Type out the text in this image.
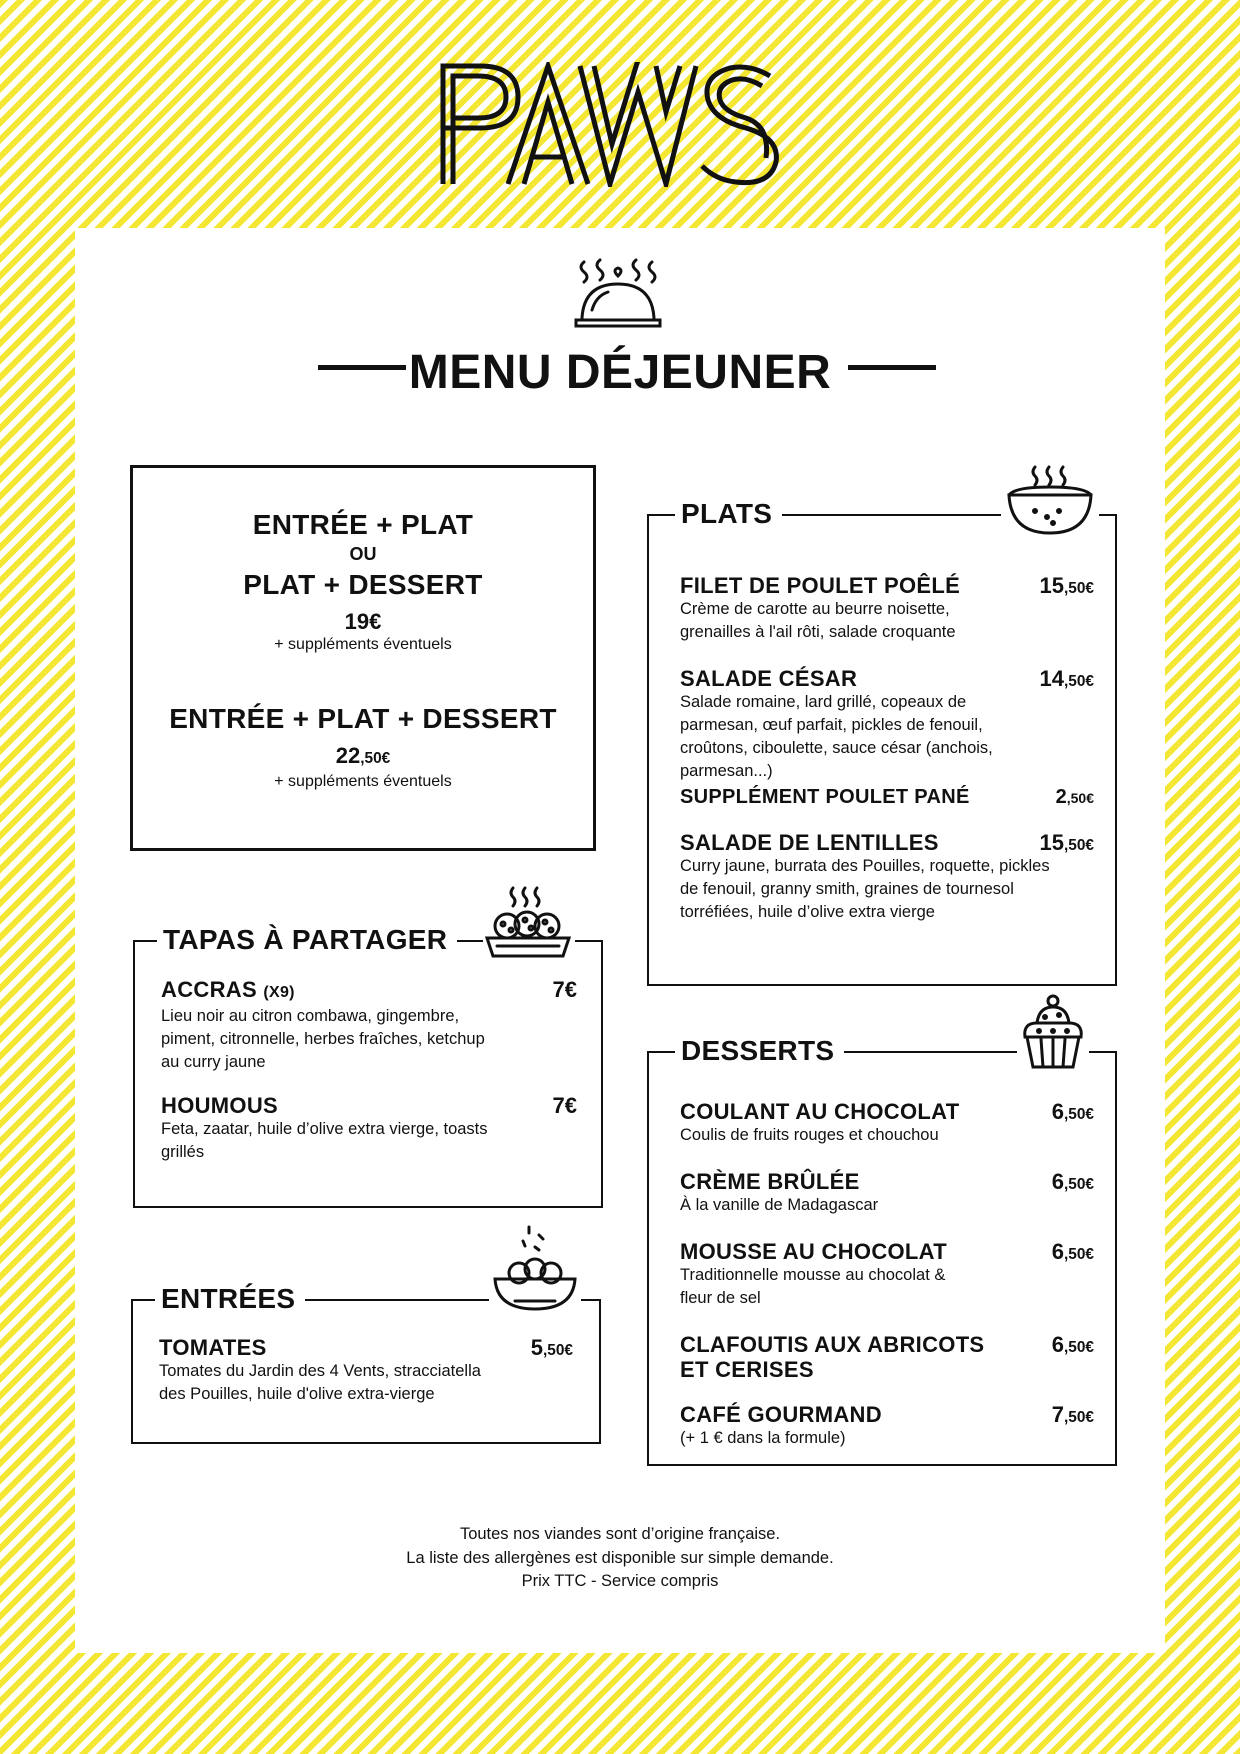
MENU DÉJEUNER
ENTRÉE + PLAT
OU
PLAT + DESSERT
19€
+ suppléments éventuels
ENTRÉE + PLAT + DESSERT
22,50€
+ suppléments éventuels
TAPAS À PARTAGER
ACCRAS (X9)	7€
Lieu noir au citron combawa, gingembre, piment, citronnelle, herbes fraîches, ketchup au curry jaune
HOUMOUS	7€
Feta, zaatar, huile d’olive extra vierge, toasts grillés
ENTRÉES
TOMATES	5,50€
Tomates du Jardin des 4 Vents, stracciatella des Pouilles, huile d'olive extra-vierge
PLATS
FILET DE POULET POÊLÉ	15,50€
Crème de carotte au beurre noisette, grenailles à l'ail rôti, salade croquante
SALADE CÉSAR	14,50€
Salade romaine, lard grillé, copeaux de parmesan, œuf parfait, pickles de fenouil, croûtons, ciboulette, sauce césar (anchois, parmesan...)
SUPPLÉMENT POULET PANÉ	2,50€
SALADE DE LENTILLES	15,50€
Curry jaune, burrata des Pouilles, roquette, pickles de fenouil, granny smith, graines de tournesol torréfiées, huile d’olive extra vierge
DESSERTS
COULANT AU CHOCOLAT	6,50€
Coulis de fruits rouges et chouchou
CRÈME BRÛLÉE	6,50€
À la vanille de Madagascar
MOUSSE AU CHOCOLAT	6,50€
Traditionnelle mousse au chocolat & fleur de sel
CLAFOUTIS AUX ABRICOTS ET CERISES
6,50€
CAFÉ GOURMAND	7,50€
(+ 1 € dans la formule)
Toutes nos viandes sont d’origine française.
La liste des allergènes est disponible sur simple demande.
Prix TTC - Service compris
